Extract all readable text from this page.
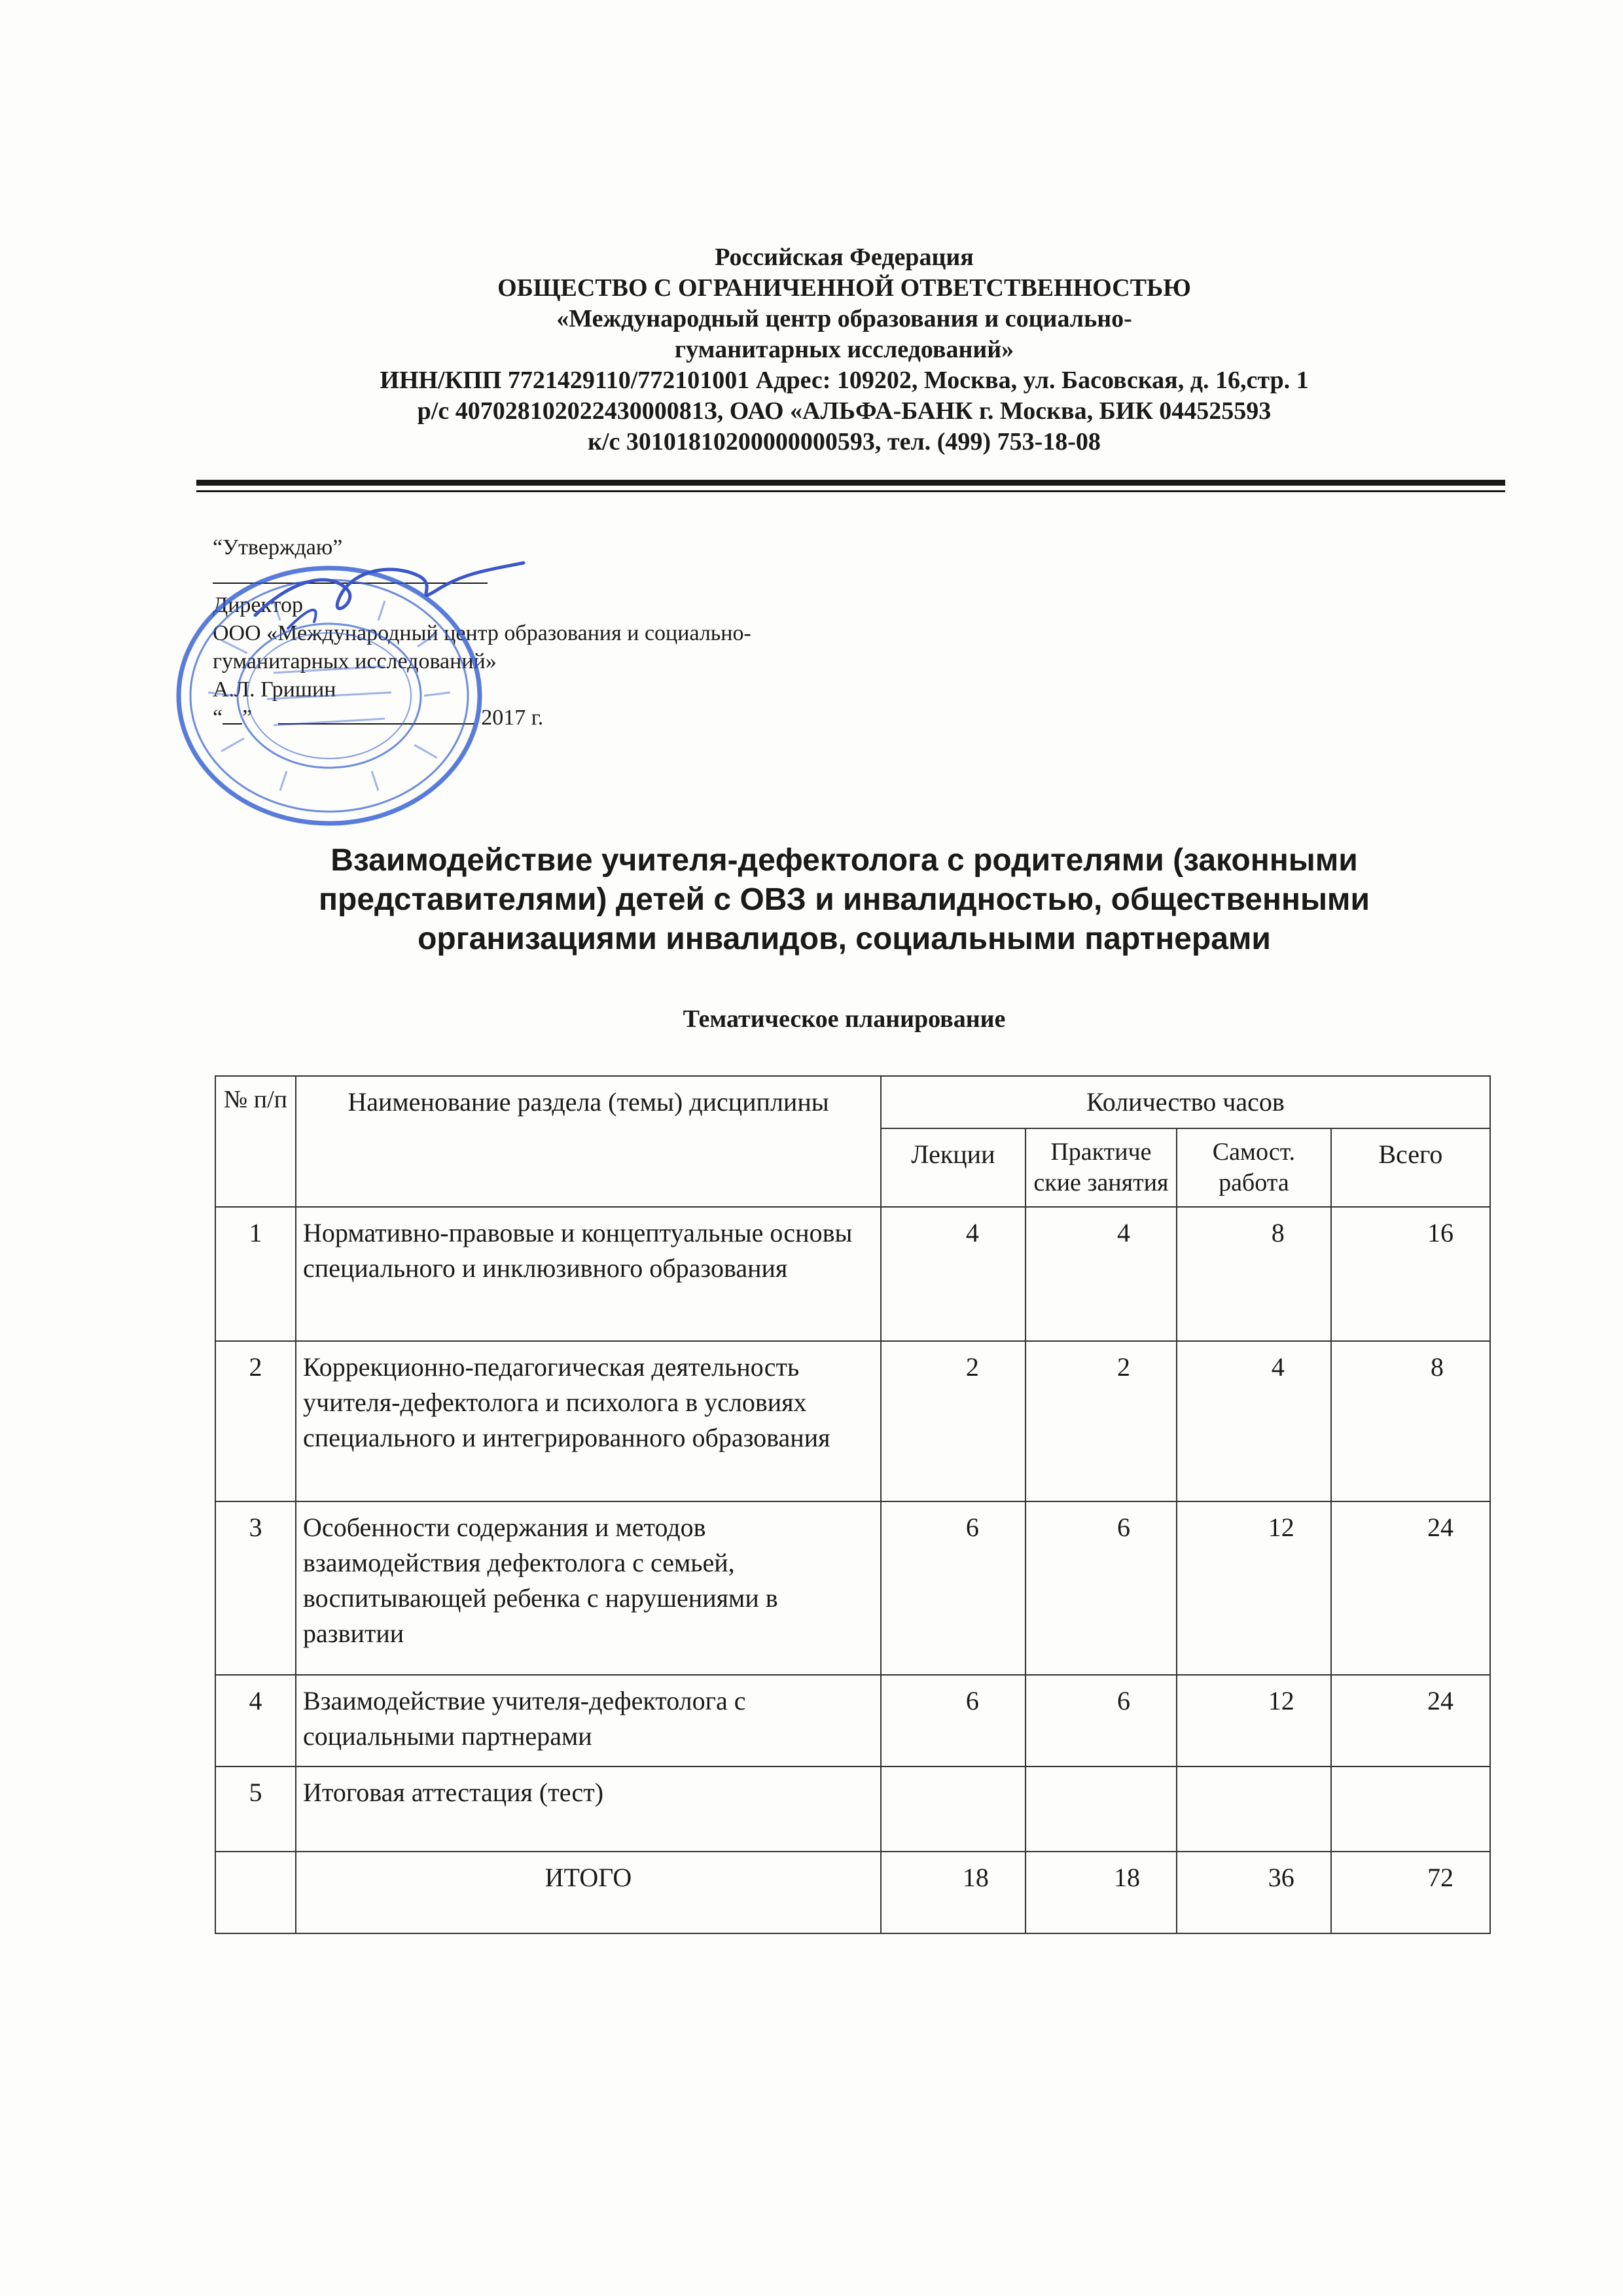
Российская Федерация
ОБЩЕСТВО С ОГРАНИЧЕННОЙ ОТВЕТСТВЕННОСТЬЮ
«Международный центр образования и социально-
гуманитарных исследований»
ИНН/КПП 7721429110/772101001 Адрес: 109202, Москва, ул. Басовская, д. 16,стр. 1
р/с 40702810202243000081З, ОАО «АЛЬФА-БАНК г. Москва, БИК 044525593
к/с 30101810200000000593, тел. (499) 753-18-08
“Утверждаю”
Директор
ООО «Международный центр образования и социально-
гуманитарных исследований»
А.Л. Гришин
“ ”	2017 г.
Взаимодействие учителя-дефектолога с родителями (законными
представителями) детей с ОВЗ и инвалидностью, общественными
организациями инвалидов, социальными партнерами
Тематическое планирование
№ п/п	Наименование раздела (темы) дисциплины	Количество часов			
		Лекции	Практиче ские занятия	Самост. работа	Всего
1	Нормативно-правовые и концептуальные основы специального и инклюзивного образования	4	4	8	16
2	Коррекционно-педагогическая деятельность учителя-дефектолога и психолога в условиях специального и интегрированного образования	2	2	4	8
3	Особенности содержания и методов взаимодействия дефектолога с семьей, воспитывающей ребенка с нарушениями в развитии	6	6	12	24
4	Взаимодействие учителя-дефектолога с социальными партнерами	6	6	12	24
5	Итоговая аттестация (тест)				
	ИТОГО	18	18	36	72
